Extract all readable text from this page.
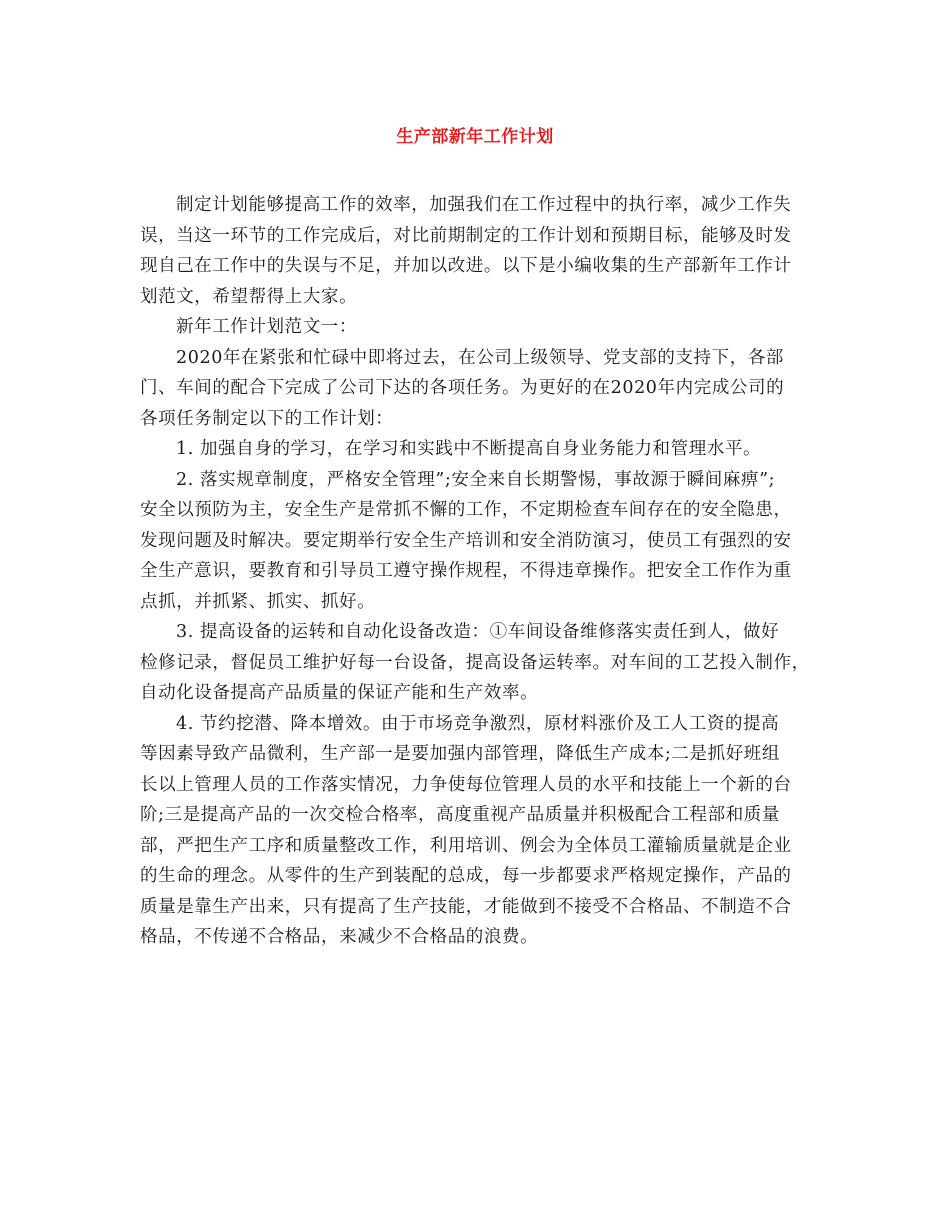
生产部新年工作计划

制定计划能够提高工作的效率，加强我们在工作过程中的执行率，减少工作失
误，当这一环节的工作完成后，对比前期制定的工作计划和预期目标，能够及时发
现自己在工作中的失误与不足，并加以改进。以下是小编收集的生产部新年工作计
划范文，希望帮得上大家。

新年工作计划范文一：

2020年在紧张和忙碌中即将过去，在公司上级领导、党支部的支持下，各部
门、车间的配合下完成了公司下达的各项任务。为更好的在2020年内完成公司的
各项任务制定以下的工作计划：

1. 加强自身的学习，在学习和实践中不断提高自身业务能力和管理水平。

2. 落实规章制度，严格安全管理”;安全来自长期警惕，事故源于瞬间麻痹”;
安全以预防为主，安全生产是常抓不懈的工作，不定期检查车间存在的安全隐患，
发现问题及时解决。要定期举行安全生产培训和安全消防演习，使员工有强烈的安
全生产意识，要教育和引导员工遵守操作规程，不得违章操作。把安全工作作为重
点抓，并抓紧、抓实、抓好。

3. 提高设备的运转和自动化设备改造：①车间设备维修落实责任到人，做好
检修记录，督促员工维护好每一台设备，提高设备运转率。对车间的工艺投入制作，
自动化设备提高产品质量的保证产能和生产效率。

4. 节约挖潜、降本增效。由于市场竞争激烈，原材料涨价及工人工资的提高
等因素导致产品微利，生产部一是要加强内部管理，降低生产成本;二是抓好班组
长以上管理人员的工作落实情况，力争使每位管理人员的水平和技能上一个新的台
阶;三是提高产品的一次交检合格率，高度重视产品质量并积极配合工程部和质量
部，严把生产工序和质量整改工作，利用培训、例会为全体员工灌输质量就是企业
的生命的理念。从零件的生产到装配的总成，每一步都要求严格规定操作，产品的
质量是靠生产出来，只有提高了生产技能，才能做到不接受不合格品、不制造不合
格品，不传递不合格品，来减少不合格品的浪费。
